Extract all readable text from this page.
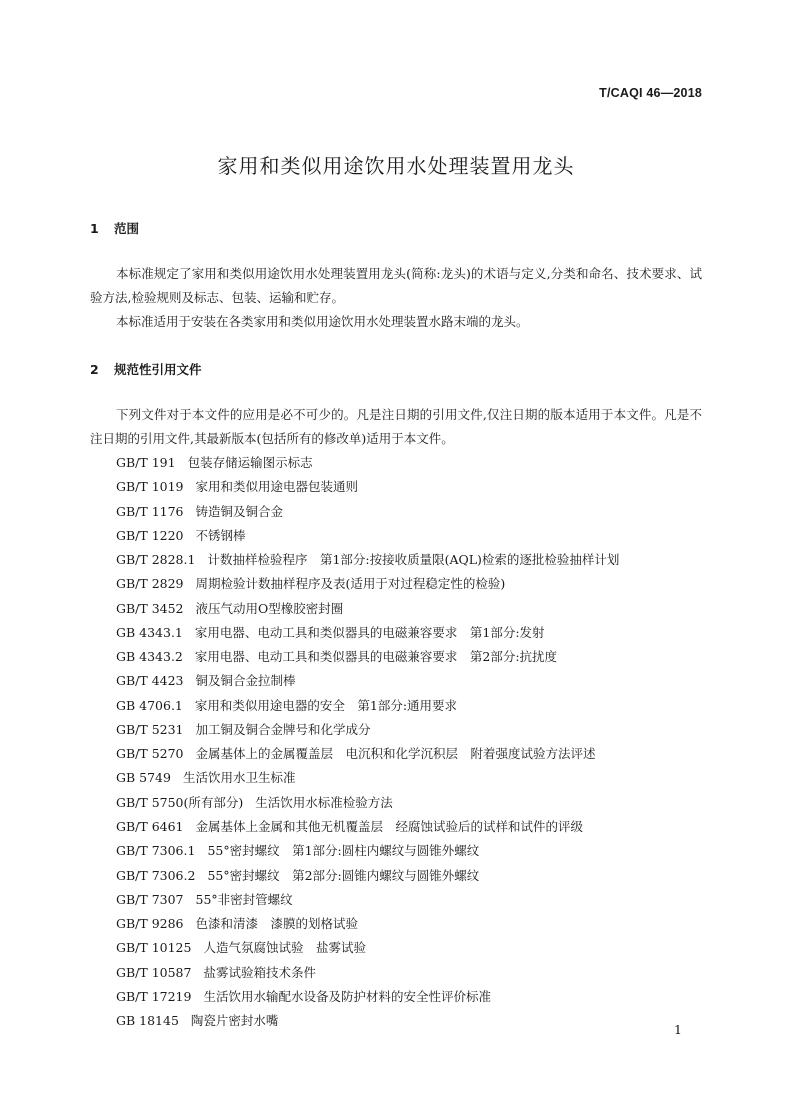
T/CAQI 46—2018
家用和类似用途饮用水处理装置用龙头
1 范围

本标准规定了家用和类似用途饮用水处理装置用龙头(简称:龙头)的术语与定义,分类和命名、技术要求、试验方法,检验规则及标志、包装、运输和贮存。

本标准适用于安装在各类家用和类似用途饮用水处理装置水路末端的龙头。

2 规范性引用文件

下列文件对于本文件的应用是必不可少的。凡是注日期的引用文件,仅注日期的版本适用于本文件。凡是不注日期的引用文件,其最新版本(包括所有的修改单)适用于本文件。

GB/T 191 包装存储运输图示标志
GB/T 1019 家用和类似用途电器包装通则
GB/T 1176 铸造铜及铜合金
GB/T 1220 不锈钢棒
GB/T 2828.1 计数抽样检验程序　第1部分:按接收质量限(AQL)检索的逐批检验抽样计划
GB/T 2829 周期检验计数抽样程序及表(适用于对过程稳定性的检验)
GB/T 3452 液压气动用O型橡胶密封圈
GB 4343.1 家用电器、电动工具和类似器具的电磁兼容要求　第1部分:发射
GB 4343.2 家用电器、电动工具和类似器具的电磁兼容要求　第2部分:抗扰度
GB/T 4423 铜及铜合金拉制棒
GB 4706.1 家用和类似用途电器的安全　第1部分:通用要求
GB/T 5231 加工铜及铜合金牌号和化学成分
GB/T 5270 金属基体上的金属覆盖层　电沉积和化学沉积层　附着强度试验方法评述
GB 5749 生活饮用水卫生标准
GB/T 5750(所有部分) 生活饮用水标准检验方法
GB/T 6461 金属基体上金属和其他无机覆盖层　经腐蚀试验后的试样和试件的评级
GB/T 7306.1 55°密封螺纹　第1部分:圆柱内螺纹与圆锥外螺纹
GB/T 7306.2 55°密封螺纹　第2部分:圆锥内螺纹与圆锥外螺纹
GB/T 7307 55°非密封管螺纹
GB/T 9286 色漆和清漆　漆膜的划格试验
GB/T 10125 人造气氛腐蚀试验　盐雾试验
GB/T 10587 盐雾试验箱技术条件
GB/T 17219 生活饮用水输配水设备及防护材料的安全性评价标准
GB 18145 陶瓷片密封水嘴
1
